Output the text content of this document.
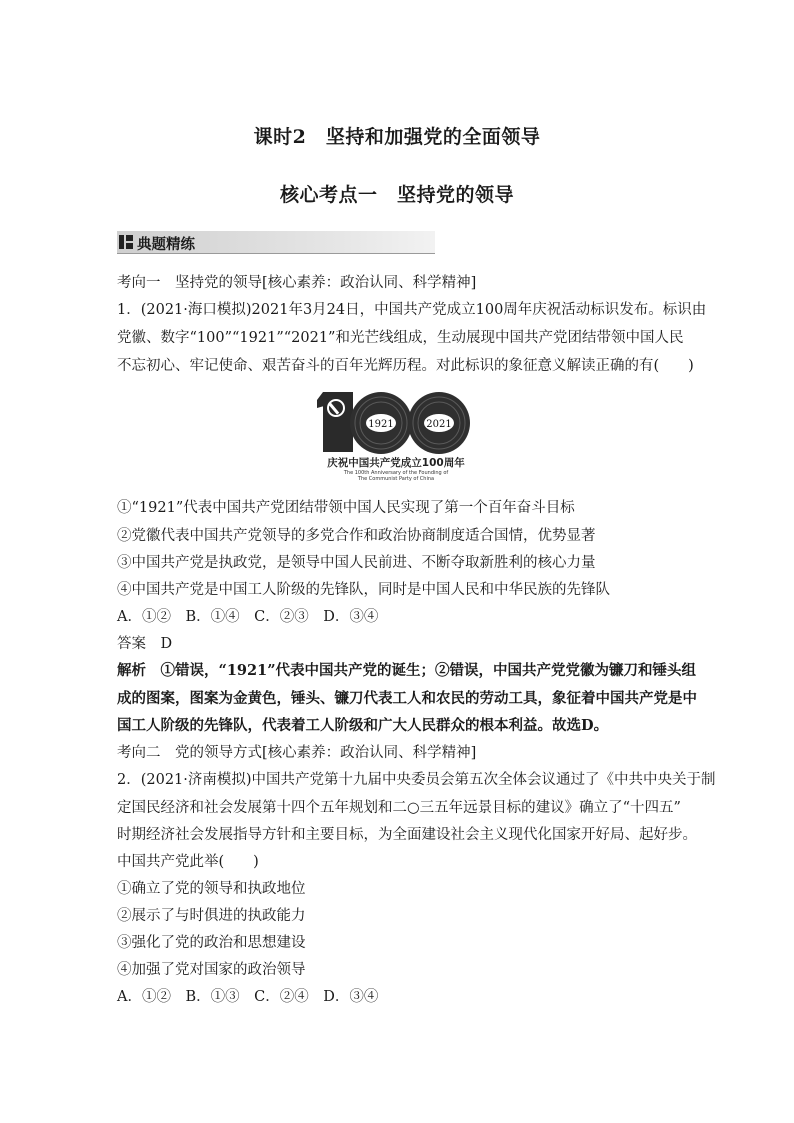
课时2　坚持和加强党的全面领导
核心考点一　坚持党的领导
典题精练
考向一　坚持党的领导[核心素养：政治认同、科学精神]
1．(2021·海口模拟)2021年3月24日，中国共产党成立100周年庆祝活动标识发布。标识由
党徽、数字“100”“1921”“2021”和光芒线组成，生动展现中国共产党团结带领中国人民
不忘初心、牢记使命、艰苦奋斗的百年光辉历程。对此标识的象征意义解读正确的有(　　)
1921	2021
庆祝中国共产党成立100周年
The 100th Anniversary of the Founding of
The Communist Party of China
①“1921”代表中国共产党团结带领中国人民实现了第一个百年奋斗目标
②党徽代表中国共产党领导的多党合作和政治协商制度适合国情，优势显著
③中国共产党是执政党，是领导中国人民前进、不断夺取新胜利的核心力量
④中国共产党是中国工人阶级的先锋队，同时是中国人民和中华民族的先锋队
A．①②　B．①④　C．②③　D．③④
答案　D
解析　①错误，“1921”代表中国共产党的诞生；②错误，中国共产党党徽为镰刀和锤头组
成的图案，图案为金黄色，锤头、镰刀代表工人和农民的劳动工具，象征着中国共产党是中
国工人阶级的先锋队，代表着工人阶级和广大人民群众的根本利益。故选D。
考向二　党的领导方式[核心素养：政治认同、科学精神]
2．(2021·济南模拟)中国共产党第十九届中央委员会第五次全体会议通过了《中共中央关于制
定国民经济和社会发展第十四个五年规划和二○三五年远景目标的建议》确立了“十四五”
时期经济社会发展指导方针和主要目标，为全面建设社会主义现代化国家开好局、起好步。
中国共产党此举(　　)
①确立了党的领导和执政地位
②展示了与时俱进的执政能力
③强化了党的政治和思想建设
④加强了党对国家的政治领导
A．①②　B．①③　C．②④　D．③④
